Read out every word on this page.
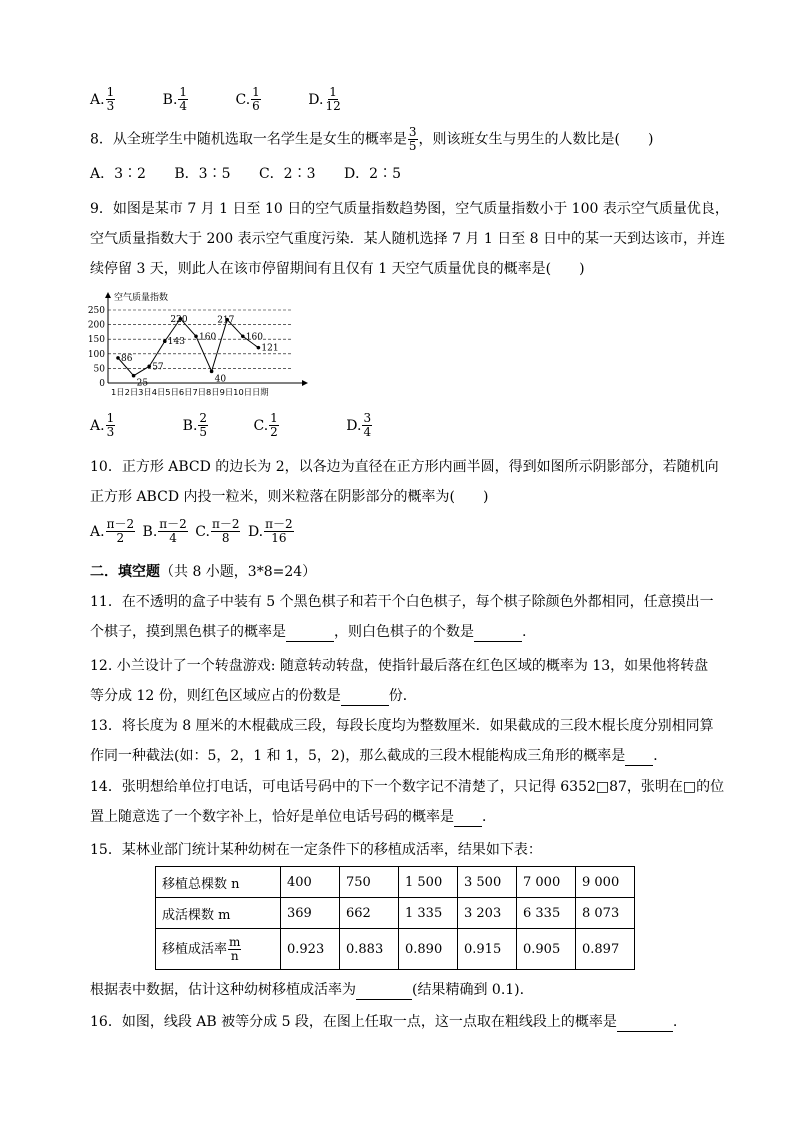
A. $\frac{1}{3}$
	B. $\frac{1}{4}$
	C. $\frac{1}{6}$
	D. $\frac{1}{12}$
8．从全班学生中随机选取一名学生是女生的概率是 $\frac{3}{5}$ ，则该班女生与男生的人数比是(　　)
A．3∶2 B．3∶5 C．2∶3 D．2∶5
9．如图是某市 7 月 1 日至 10 日的空气质量指数趋势图，空气质量指数小于 100 表示空气质量优良，
空气质量指数大于 200 表示空气重度污染．某人随机选择 7 月 1 日至 8 日中的某一天到达该市，并连
续停留 3 天，则此人在该市停留期间有且仅有 1 天空气质量优良的概率是(　　)
空气质量指数
0
50
100
150
200
250
1日2日3日4日5日6日7日8日9日10日日期
86
25
57
143
220
160
40
217
160
121
A. $\frac{1}{3}$
	B. $\frac{2}{5}$
	C. $\frac{1}{2}$
	D. $\frac{3}{4}$
10．正方形 ABCD 的边长为 2，以各边为直径在正方形内画半圆，得到如图所示阴影部分，若随机向
正方形 ABCD 内投一粒米，则米粒落在阴影部分的概率为(　　)
A. $\frac{\pi-2}{2}$
B. $\frac{\pi-2}{4}$
C. $\frac{\pi-2}{8}$
D. $\frac{\pi-2}{16}$
二．填空题（共 8 小题，3*8=24）
11．在不透明的盒子中装有 5 个黑色棋子和若干个白色棋子，每个棋子除颜色外都相同，任意摸出一
个棋子，摸到黑色棋子的概率是	，则白色棋子的个数是	.
12. 小兰设计了一个转盘游戏: 随意转动转盘，使指针最后落在红色区域的概率为 13，如果他将转盘
等分成 12 份，则红色区域应占的份数是	份．
13．将长度为 8 厘米的木棍截成三段，每段长度均为整数厘米．如果截成的三段木棍长度分别相同算
作同一种截法(如：5，2，1 和 1，5，2)，那么截成的三段木棍能构成三角形的概率是 ．
14．张明想给单位打电话，可电话号码中的下一个数字记不清楚了，只记得 6352□87，张明在□的位
置上随意选了一个数字补上，恰好是单位电话号码的概率是 ．
15．某林业部门统计某种幼树在一定条件下的移植成活率，结果如下表：
移植总棵数 n	400	750	1 500	3 500	7 000	9 000
成活棵数 m	369	662	1 335	3 203	6 335	8 073
移植成活率 $\frac{m}{n}$	0.923	0.883	0.890	0.915	0.905	0.897
根据表中数据，估计这种幼树移植成活率为	(结果精确到 0.1).
16．如图，线段 AB 被等分成 5 段，在图上任取一点，这一点取在粗线段上的概率是	.
